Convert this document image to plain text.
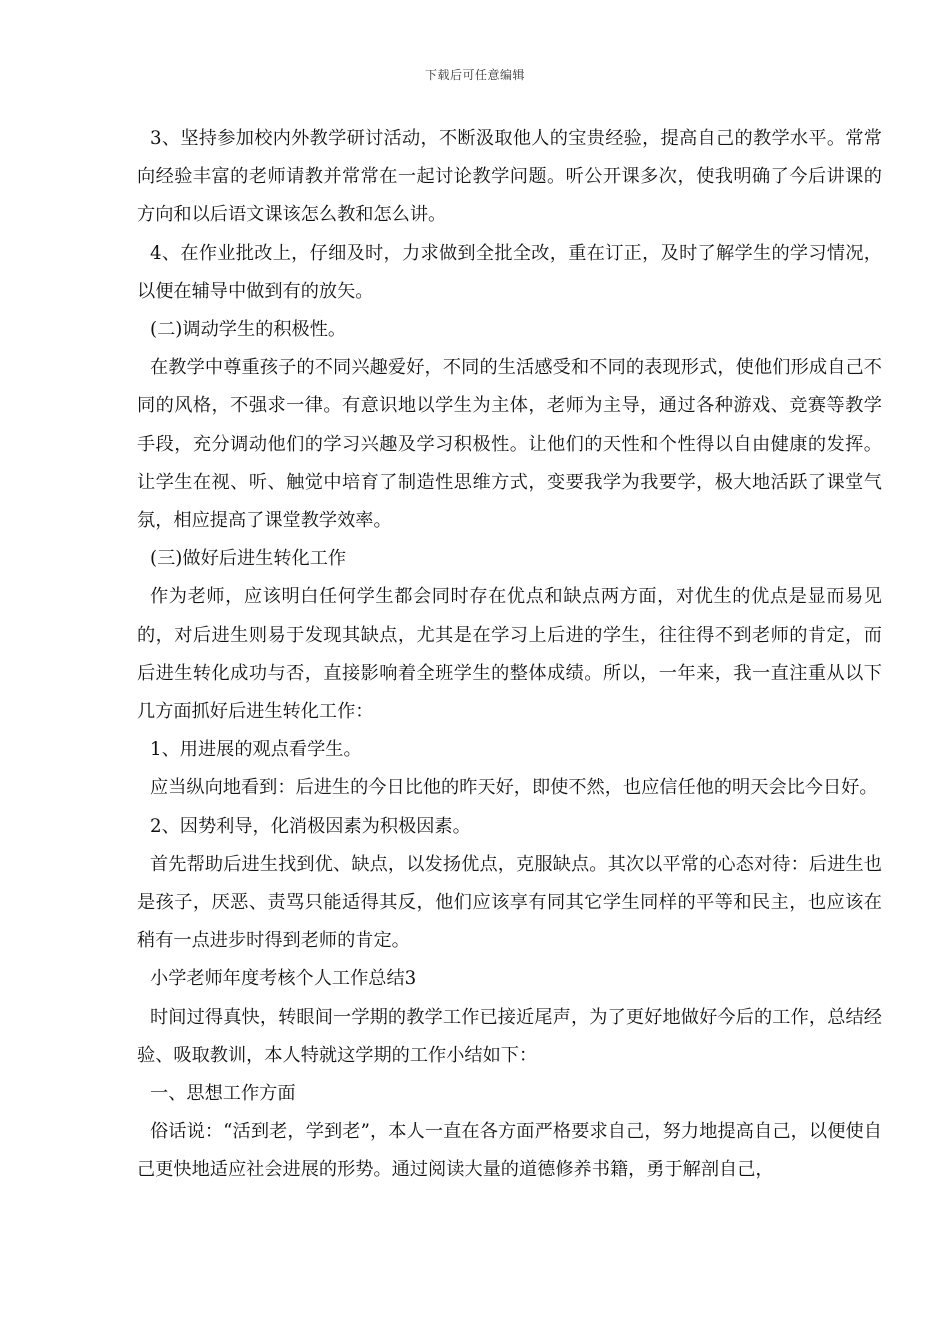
下载后可任意编辑

3、坚持参加校内外教学研讨活动，不断汲取他人的宝贵经验，提高自己的教学水平。常常向经验丰富的老师请教并常常在一起讨论教学问题。听公开课多次，使我明确了今后讲课的方向和以后语文课该怎么教和怎么讲。

4、在作业批改上，仔细及时，力求做到全批全改，重在订正，及时了解学生的学习情况，以便在辅导中做到有的放矢。

(二)调动学生的积极性。

在教学中尊重孩子的不同兴趣爱好，不同的生活感受和不同的表现形式，使他们形成自己不同的风格，不强求一律。有意识地以学生为主体，老师为主导，通过各种游戏、竞赛等教学手段，充分调动他们的学习兴趣及学习积极性。让他们的天性和个性得以自由健康的发挥。让学生在视、听、触觉中培育了制造性思维方式，变要我学为我要学，极大地活跃了课堂气氛，相应提高了课堂教学效率。

(三)做好后进生转化工作

作为老师，应该明白任何学生都会同时存在优点和缺点两方面，对优生的优点是显而易见的，对后进生则易于发现其缺点，尤其是在学习上后进的学生，往往得不到老师的肯定，而后进生转化成功与否，直接影响着全班学生的整体成绩。所以，一年来，我一直注重从以下几方面抓好后进生转化工作：

1、用进展的观点看学生。

应当纵向地看到：后进生的今日比他的昨天好，即使不然，也应信任他的明天会比今日好。

2、因势利导，化消极因素为积极因素。

首先帮助后进生找到优、缺点，以发扬优点，克服缺点。其次以平常的心态对待：后进生也是孩子，厌恶、责骂只能适得其反，他们应该享有同其它学生同样的平等和民主，也应该在稍有一点进步时得到老师的肯定。

小学老师年度考核个人工作总结3

时间过得真快，转眼间一学期的教学工作已接近尾声，为了更好地做好今后的工作，总结经验、吸取教训，本人特就这学期的工作小结如下：

一、思想工作方面

俗话说：“活到老，学到老”，本人一直在各方面严格要求自己，努力地提高自己，以便使自己更快地适应社会进展的形势。通过阅读大量的道德修养书籍，勇于解剖自己，
